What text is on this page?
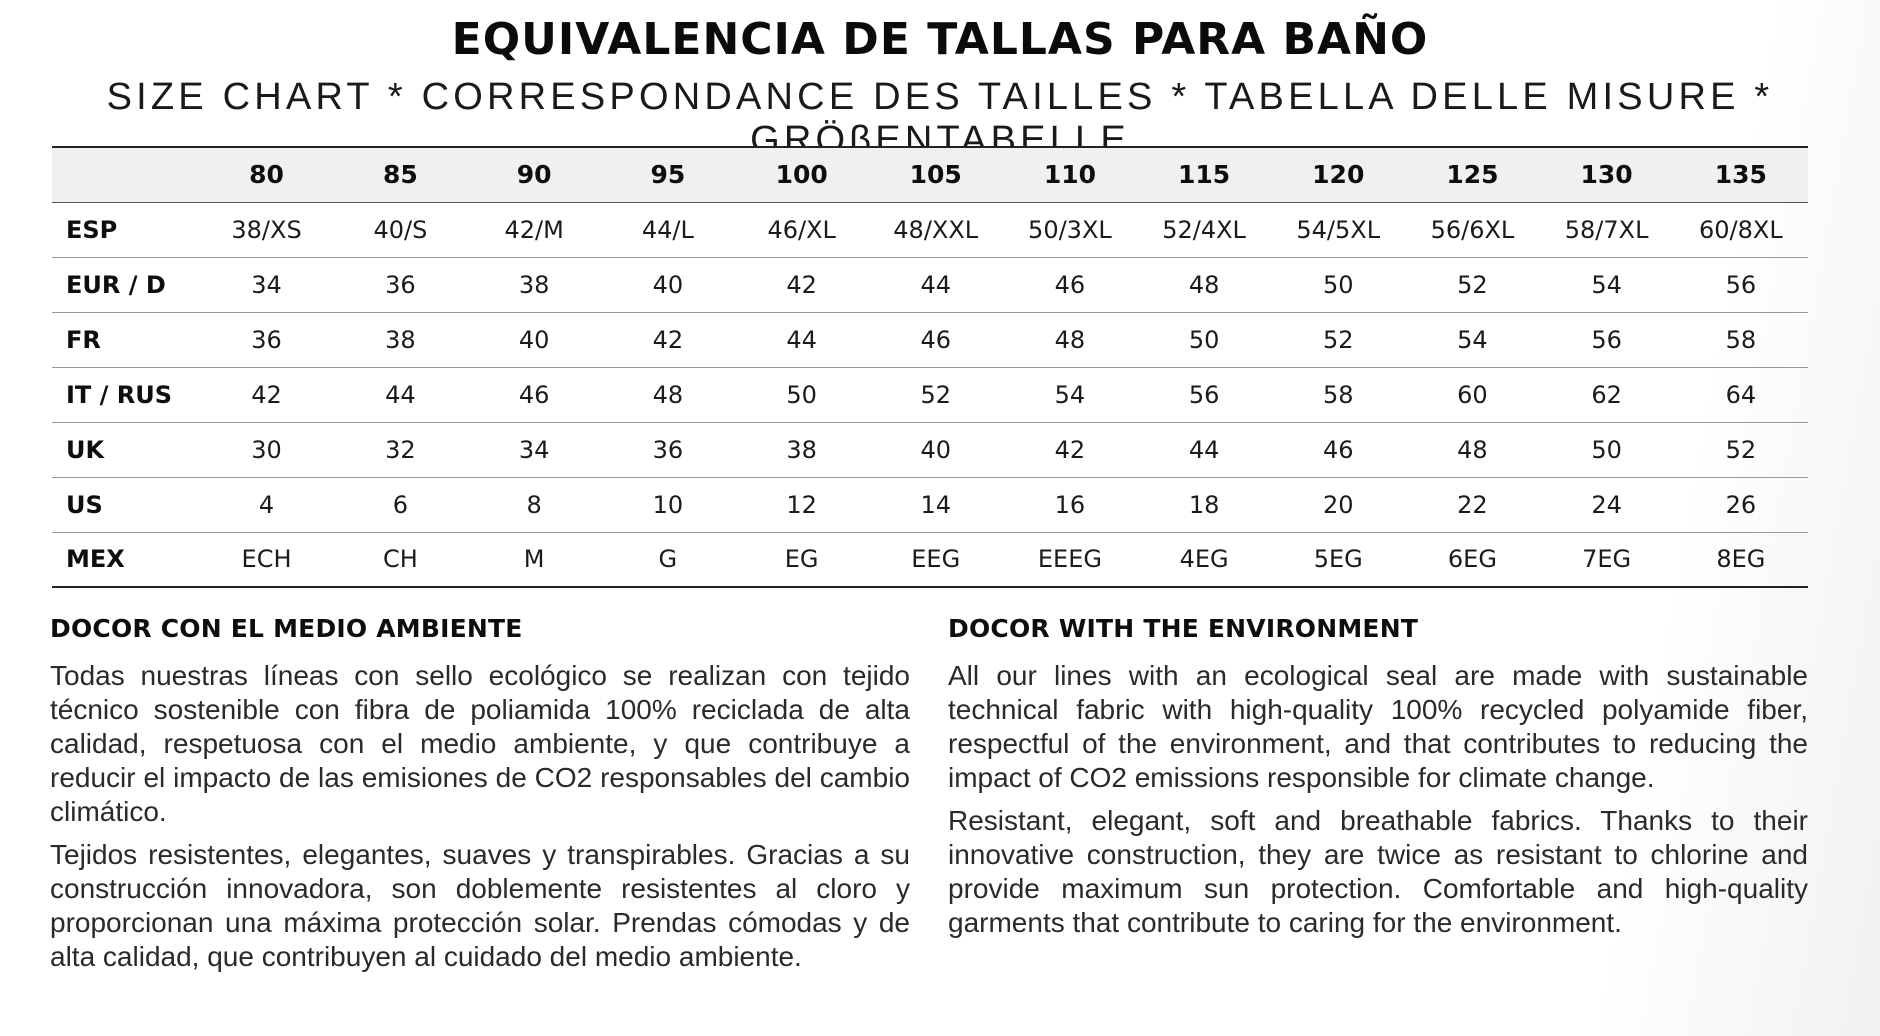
EQUIVALENCIA DE TALLAS PARA BAÑO
SIZE CHART * CORRESPONDANCE DES TAILLES * TABELLA DELLE MISURE * GRÖβENTABELLE
	80	85	90	95	100	105	110	115	120	125	130	135
ESP	38/XS	40/S	42/M	44/L	46/XL	48/XXL	50/3XL	52/4XL	54/5XL	56/6XL	58/7XL	60/8XL
EUR / D	34	36	38	40	42	44	46	48	50	52	54	56
FR	36	38	40	42	44	46	48	50	52	54	56	58
IT / RUS	42	44	46	48	50	52	54	56	58	60	62	64
UK	30	32	34	36	38	40	42	44	46	48	50	52
US	4	6	8	10	12	14	16	18	20	22	24	26
MEX	ECH	CH	M	G	EG	EEG	EEEG	4EG	5EG	6EG	7EG	8EG
DOCOR CON EL MEDIO AMBIENTE

Todas nuestras líneas con sello ecológico se realizan con tejido técnico sostenible con fibra de poliamida 100% reciclada de alta calidad, respetuosa con el medio ambiente, y que contribuye a reducir el impacto de las emisiones de CO2 responsables del cambio climático.

Tejidos resistentes, elegantes, suaves y transpirables. Gracias a su construcción innovadora, son doblemente resistentes al cloro y proporcionan una máxima protección solar. Prendas cómodas y de alta calidad, que contribuyen al cuidado del medio ambiente.

DOCOR WITH THE ENVIRONMENT

All our lines with an ecological seal are made with sustainable technical fabric with high-quality 100% recycled polyamide fiber, respectful of the environment, and that contributes to reducing the impact of CO2 emissions responsible for climate change.

Resistant, elegant, soft and breathable fabrics. Thanks to their innovative construction, they are twice as resistant to chlorine and provide maximum sun protection. Comfortable and high-quality garments that contribute to caring for the environment.
